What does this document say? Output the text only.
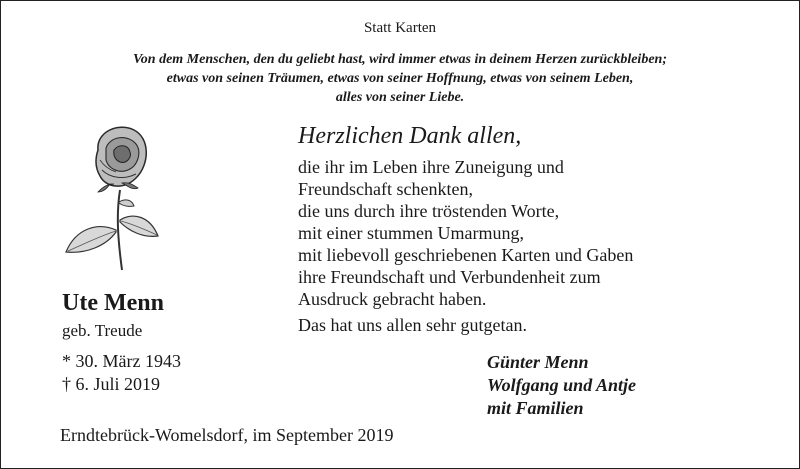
Statt Karten
Von dem Menschen, den du geliebt hast, wird immer etwas in deinem Herzen zurückbleiben;
etwas von seinen Träumen, etwas von seiner Hoffnung, etwas von seinem Leben,
alles von seiner Liebe.
Ute Menn
geb. Treude
* 30. März 1943
† 6. Juli 2019
Herzlichen Dank allen,
die ihr im Leben ihre Zuneigung und
Freundschaft schenkten,
die uns durch ihre tröstenden Worte,
mit einer stummen Umarmung,
mit liebevoll geschriebenen Karten und Gaben
ihre Freundschaft und Verbundenheit zum
Ausdruck gebracht haben.
Das hat uns allen sehr gutgetan.
Günter Menn
Wolfgang und Antje
mit Familien
Erndtebrück-Womelsdorf, im September 2019
